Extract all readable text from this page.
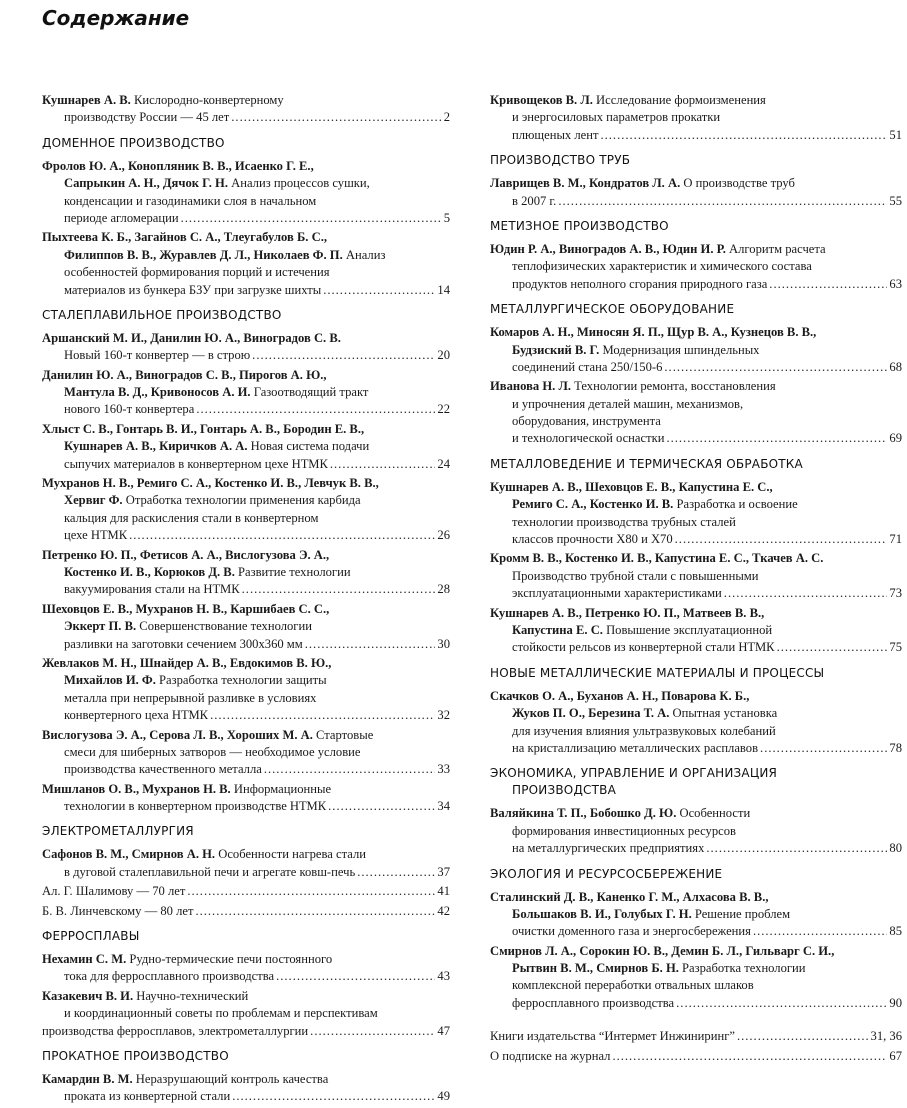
Содержание
Кушнарев А. В. Кислородно-конвертерному
производству России — 45 лет .....	2
ДОМЕННОЕ ПРОИЗВОДСТВО
Фролов Ю. А., Конопляник В. В., Исаенко Г. Е.,
Сапрыкин А. Н., Дячок Г. Н. Анализ процессов сушки,
конденсации и газодинамики слоя в начальном
периоде агломерации .....	5
Пыхтеева К. Б., Загайнов С. А., Тлеугабулов Б. С.,
Филиппов В. В., Журавлев Д. Л., Николаев Ф. П. Анализ
особенностей формирования порций и истечения
материалов из бункера БЗУ при загрузке шихты .....	14
СТАЛЕПЛАВИЛЬНОЕ ПРОИЗВОДСТВО
Аршанский М. И., Данилин Ю. А., Виноградов С. В.
Новый 160-т конвертер — в строю .....	20
Данилин Ю. А., Виноградов С. В., Пирогов А. Ю.,
Мантула В. Д., Кривоносов А. И. Газоотводящий тракт
нового 160-т конвертера .....	22
Хлыст С. В., Гонтарь В. И., Гонтарь А. В., Бородин Е. В.,
Кушнарев А. В., Киричков А. А. Новая система подачи
сыпучих материалов в конвертерном цехе НТМК .....	24
Мухранов Н. В., Ремиго С. А., Костенко И. В., Левчук В. В.,
Хервиг Ф. Отработка технологии применения карбида
кальция для раскисления стали в конвертерном
цехе НТМК .....	26
Петренко Ю. П., Фетисов А. А., Вислогузова Э. А.,
Костенко И. В., Корюков Д. В. Развитие технологии
вакуумирования стали на НТМК .....	28
Шеховцов Е. В., Мухранов Н. В., Каршибаев С. С.,
Эккерт П. В. Совершенствование технологии
разливки на заготовки сечением 300х360 мм .....	30
Жевлаков М. Н., Шнайдер А. В., Евдокимов В. Ю.,
Михайлов И. Ф. Разработка технологии защиты
металла при непрерывной разливке в условиях
конвертерного цеха НТМК .....	32
Вислогузова Э. А., Серова Л. В., Хороших М. А. Стартовые
смеси для шиберных затворов — необходимое условие
производства качественного металла .....	33
Мишланов О. В., Мухранов Н. В. Информационные
технологии в конвертерном производстве НТМК .....	34
ЭЛЕКТРОМЕТАЛЛУРГИЯ
Сафонов В. М., Смирнов А. Н. Особенности нагрева стали
в дуговой сталеплавильной печи и агрегате ковш-печь .....	37
Ал. Г. Шалимову — 70 лет .....	41
Б. В. Линчевскому — 80 лет .....	42
ФЕРРОСПЛАВЫ
Нехамин С. М. Рудно-термические печи постоянного
тока для ферросплавного производства .....	43
Казакевич В. И. Научно-технический
и координационный советы по проблемам и перспективам
производства ферросплавов, электрометаллургии .....	47
ПРОКАТНОЕ ПРОИЗВОДСТВО
Камардин В. М. Неразрушающий контроль качества
проката из конвертерной стали .....	49
Кривощеков В. Л. Исследование формоизменения
и энергосиловых параметров прокатки
плющеных лент .....	51
ПРОИЗВОДСТВО ТРУБ
Лаврищев В. М., Кондратов Л. А. О производстве труб
в 2007 г. .....	55
МЕТИЗНОЕ ПРОИЗВОДСТВО
Юдин Р. А., Виноградов А. В., Юдин И. Р. Алгоритм расчета
теплофизических характеристик и химического состава
продуктов неполного сгорания природного газа .....	63
МЕТАЛЛУРГИЧЕСКОЕ ОБОРУДОВАНИЕ
Комаров А. Н., Миносян Я. П., Щур В. А., Кузнецов В. В.,
Будзиский В. Г. Модернизация шпиндельных
соединений стана 250/150-6 .....	68
Иванова Н. Л. Технологии ремонта, восстановления
и упрочнения деталей машин, механизмов,
оборудования, инструмента
и технологической оснастки .....	69
МЕТАЛЛОВЕДЕНИЕ И ТЕРМИЧЕСКАЯ ОБРАБОТКА
Кушнарев А. В., Шеховцов Е. В., Капустина Е. С.,
Ремиго С. А., Костенко И. В. Разработка и освоение
технологии производства трубных сталей
классов прочности Х80 и Х70 .....	71
Кромм В. В., Костенко И. В., Капустина Е. С., Ткачев А. С.
Производство трубной стали с повышенными
эксплуатационными характеристиками .....	73
Кушнарев А. В., Петренко Ю. П., Матвеев В. В.,
Капустина Е. С. Повышение эксплуатационной
стойкости рельсов из конвертерной стали НТМК .....	75
НОВЫЕ МЕТАЛЛИЧЕСКИЕ МАТЕРИАЛЫ И ПРОЦЕССЫ
Скачков О. А., Буханов А. Н., Поварова К. Б.,
Жуков П. О., Березина Т. А. Опытная установка
для изучения влияния ультразвуковых колебаний
на кристаллизацию металлических расплавов .....	78
ЭКОНОМИКА, УПРАВЛЕНИЕ И ОРГАНИЗАЦИЯ
ПРОИЗВОДСТВА
Валяйкина Т. П., Бобошко Д. Ю. Особенности
формирования инвестиционных ресурсов
на металлургических предприятиях .....	80
ЭКОЛОГИЯ И РЕСУРСОСБЕРЕЖЕНИЕ
Сталинский Д. В., Каненко Г. М., Алхасова В. В.,
Большаков В. И., Голубых Г. Н. Решение проблем
очистки доменного газа и энергосбережения .....	85
Смирнов Л. А., Сорокин Ю. В., Демин Б. Л., Гильварг С. И.,
Рытвин В. М., Смирнов Б. Н. Разработка технологии
комплексной переработки отвальных шлаков
ферросплавного производства .....	90
Книги издательства “Интермет Инжиниринг” .....	31, 36
О подписке на журнал .....	67
